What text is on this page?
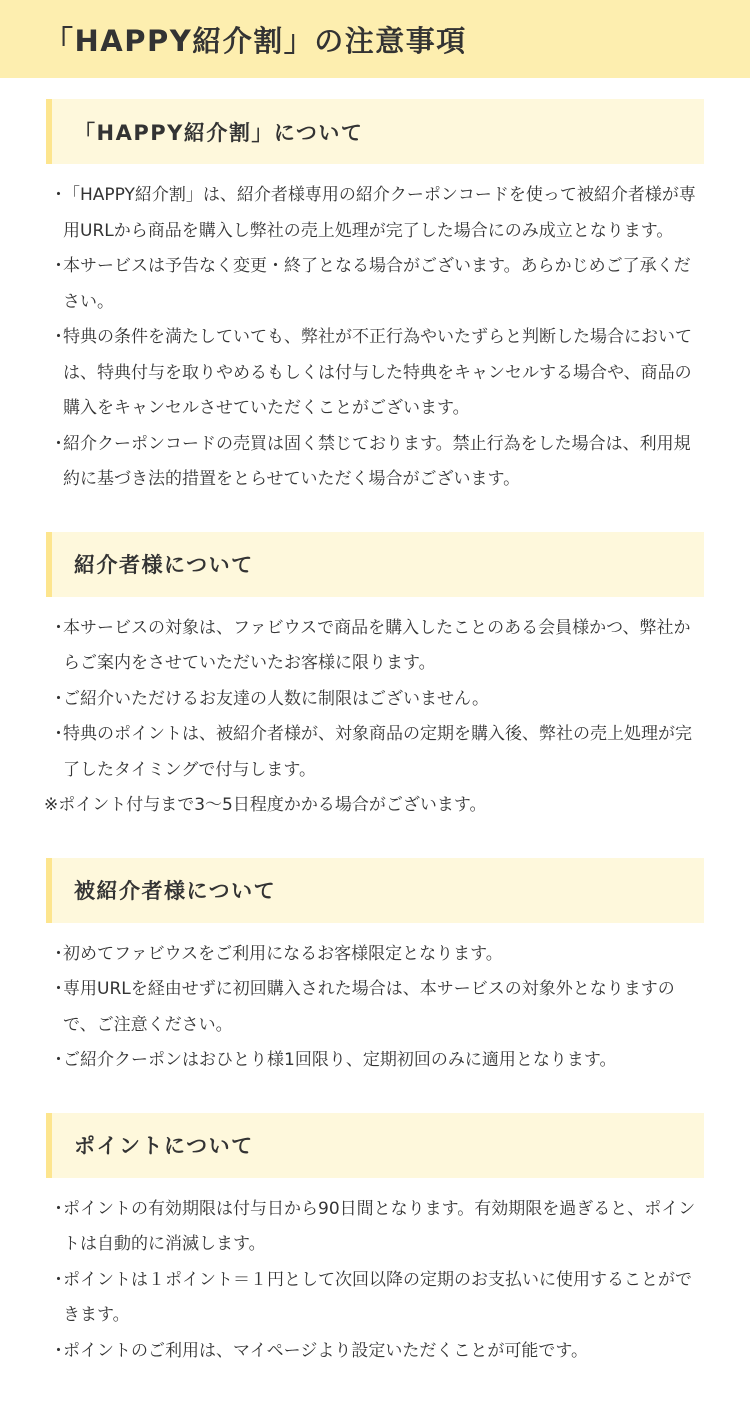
「HAPPY紹介割」の注意事項
「HAPPY紹介割」について
・
「HAPPY紹介割」は、紹介者様専用の紹介クーポンコードを使って被紹介者様が専用URLから商品を購入し弊社の売上処理が完了した場合にのみ成立となります。
・
本サービスは予告なく変更・終了となる場合がございます。あらかじめご了承ください。
・
特典の条件を満たしていても、弊社が不正行為やいたずらと判断した場合においては、特典付与を取りやめるもしくは付与した特典をキャンセルする場合や、商品の購入をキャンセルさせていただくことがございます。
・
紹介クーポンコードの売買は固く禁じております。禁止行為をした場合は、利用規約に基づき法的措置をとらせていただく場合がございます。
紹介者様について
・
本サービスの対象は、ファビウスで商品を購入したことのある会員様かつ、弊社からご案内をさせていただいたお客様に限ります。
・
ご紹介いただけるお友達の人数に制限はございません。
・
特典のポイントは、被紹介者様が、対象商品の定期を購入後、弊社の売上処理が完了したタイミングで付与します。

※ポイント付与まで3〜5日程度かかる場合がございます。

被紹介者様について
・
初めてファビウスをご利用になるお客様限定となります。
・
専用URLを経由せずに初回購入された場合は、本サービスの対象外となりますので、ご注意ください。
・
ご紹介クーポンはおひとり様1回限り、定期初回のみに適用となります。
ポイントについて
・
ポイントの有効期限は付与日から90日間となります。有効期限を過ぎると、ポイントは自動的に消滅します。
・
ポイントは１ポイント＝１円として次回以降の定期のお支払いに使用することができます。
・
ポイントのご利用は、マイページより設定いただくことが可能です。
